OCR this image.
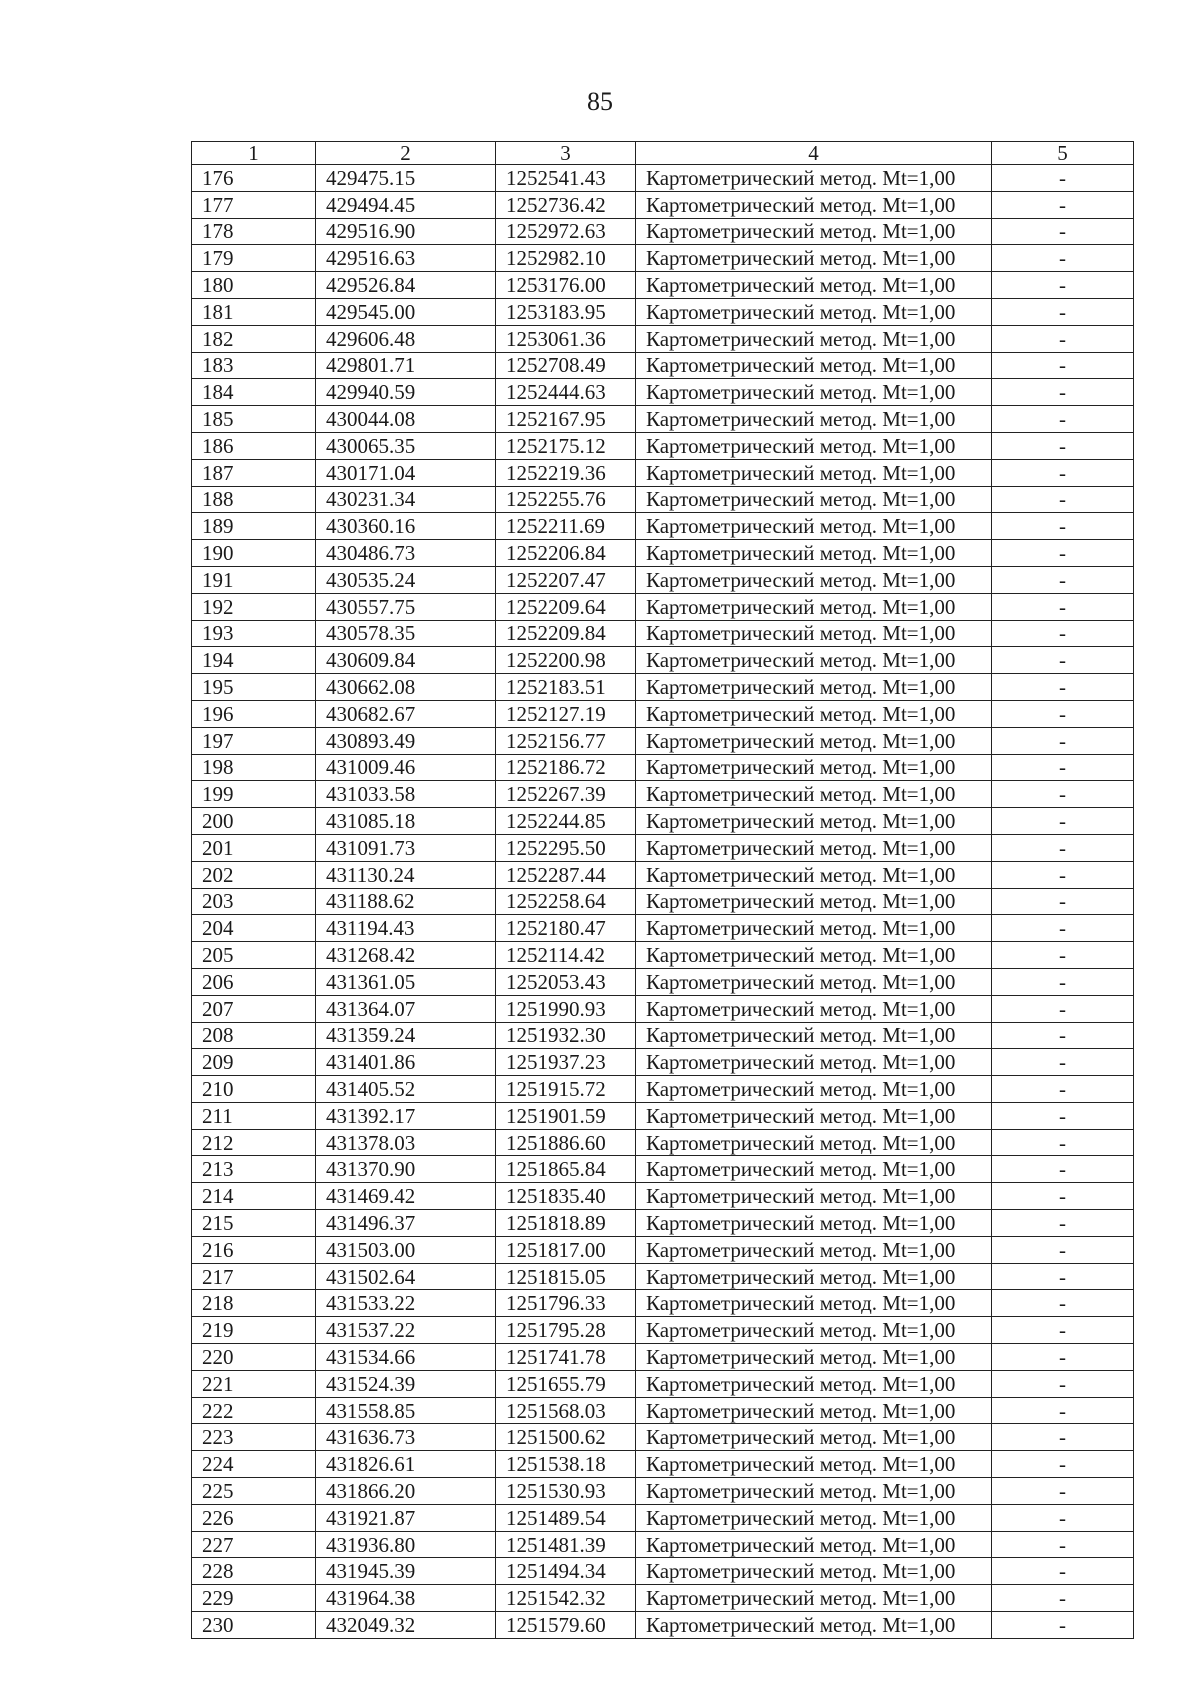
85
1	2	3	4	5
176	429475.15	1252541.43	Картометрический метод. Mt=1,00	-
177	429494.45	1252736.42	Картометрический метод. Mt=1,00	-
178	429516.90	1252972.63	Картометрический метод. Mt=1,00	-
179	429516.63	1252982.10	Картометрический метод. Mt=1,00	-
180	429526.84	1253176.00	Картометрический метод. Mt=1,00	-
181	429545.00	1253183.95	Картометрический метод. Mt=1,00	-
182	429606.48	1253061.36	Картометрический метод. Mt=1,00	-
183	429801.71	1252708.49	Картометрический метод. Mt=1,00	-
184	429940.59	1252444.63	Картометрический метод. Mt=1,00	-
185	430044.08	1252167.95	Картометрический метод. Mt=1,00	-
186	430065.35	1252175.12	Картометрический метод. Mt=1,00	-
187	430171.04	1252219.36	Картометрический метод. Mt=1,00	-
188	430231.34	1252255.76	Картометрический метод. Mt=1,00	-
189	430360.16	1252211.69	Картометрический метод. Mt=1,00	-
190	430486.73	1252206.84	Картометрический метод. Mt=1,00	-
191	430535.24	1252207.47	Картометрический метод. Mt=1,00	-
192	430557.75	1252209.64	Картометрический метод. Mt=1,00	-
193	430578.35	1252209.84	Картометрический метод. Mt=1,00	-
194	430609.84	1252200.98	Картометрический метод. Mt=1,00	-
195	430662.08	1252183.51	Картометрический метод. Mt=1,00	-
196	430682.67	1252127.19	Картометрический метод. Mt=1,00	-
197	430893.49	1252156.77	Картометрический метод. Mt=1,00	-
198	431009.46	1252186.72	Картометрический метод. Mt=1,00	-
199	431033.58	1252267.39	Картометрический метод. Mt=1,00	-
200	431085.18	1252244.85	Картометрический метод. Mt=1,00	-
201	431091.73	1252295.50	Картометрический метод. Mt=1,00	-
202	431130.24	1252287.44	Картометрический метод. Mt=1,00	-
203	431188.62	1252258.64	Картометрический метод. Mt=1,00	-
204	431194.43	1252180.47	Картометрический метод. Mt=1,00	-
205	431268.42	1252114.42	Картометрический метод. Mt=1,00	-
206	431361.05	1252053.43	Картометрический метод. Mt=1,00	-
207	431364.07	1251990.93	Картометрический метод. Mt=1,00	-
208	431359.24	1251932.30	Картометрический метод. Mt=1,00	-
209	431401.86	1251937.23	Картометрический метод. Mt=1,00	-
210	431405.52	1251915.72	Картометрический метод. Mt=1,00	-
211	431392.17	1251901.59	Картометрический метод. Mt=1,00	-
212	431378.03	1251886.60	Картометрический метод. Mt=1,00	-
213	431370.90	1251865.84	Картометрический метод. Mt=1,00	-
214	431469.42	1251835.40	Картометрический метод. Mt=1,00	-
215	431496.37	1251818.89	Картометрический метод. Mt=1,00	-
216	431503.00	1251817.00	Картометрический метод. Mt=1,00	-
217	431502.64	1251815.05	Картометрический метод. Mt=1,00	-
218	431533.22	1251796.33	Картометрический метод. Mt=1,00	-
219	431537.22	1251795.28	Картометрический метод. Mt=1,00	-
220	431534.66	1251741.78	Картометрический метод. Mt=1,00	-
221	431524.39	1251655.79	Картометрический метод. Mt=1,00	-
222	431558.85	1251568.03	Картометрический метод. Mt=1,00	-
223	431636.73	1251500.62	Картометрический метод. Mt=1,00	-
224	431826.61	1251538.18	Картометрический метод. Mt=1,00	-
225	431866.20	1251530.93	Картометрический метод. Mt=1,00	-
226	431921.87	1251489.54	Картометрический метод. Mt=1,00	-
227	431936.80	1251481.39	Картометрический метод. Mt=1,00	-
228	431945.39	1251494.34	Картометрический метод. Mt=1,00	-
229	431964.38	1251542.32	Картометрический метод. Mt=1,00	-
230	432049.32	1251579.60	Картометрический метод. Mt=1,00	-
